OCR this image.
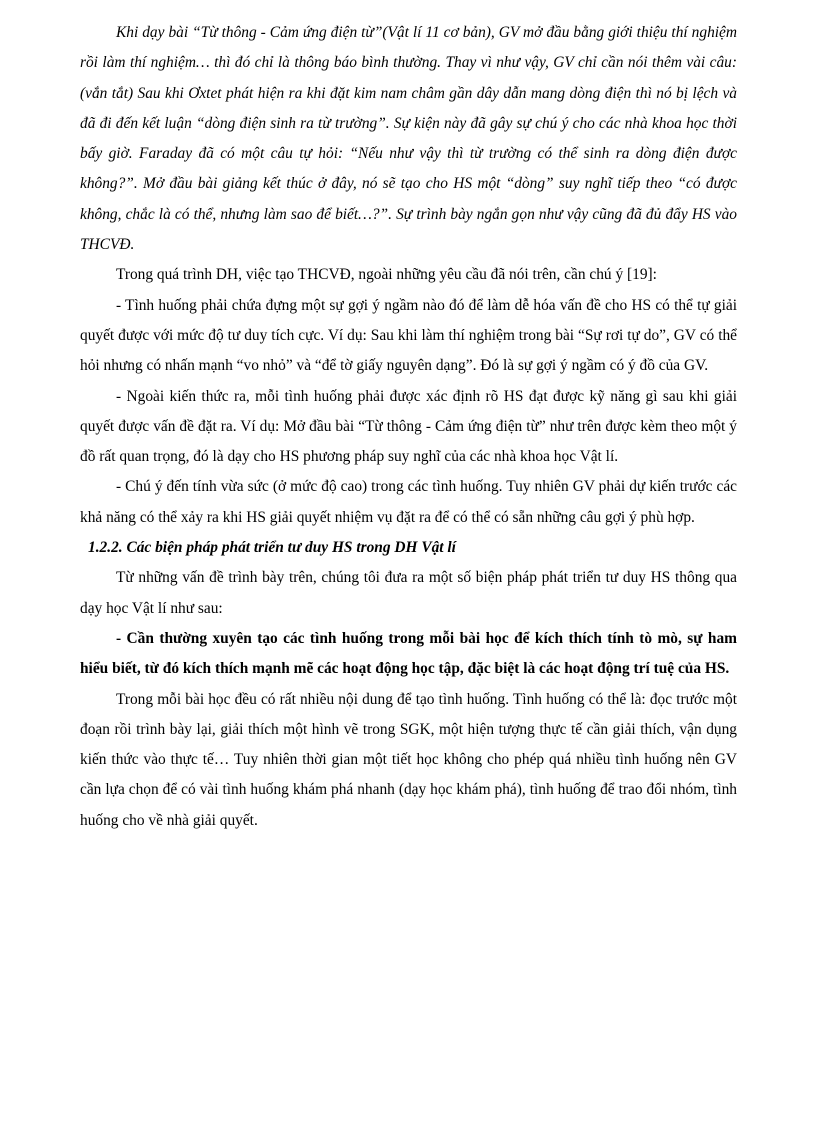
Khi dạy bài “Từ thông - Cảm ứng điện từ”(Vật lí 11 cơ bản), GV mở đầu bằng giới thiệu thí nghiệm rồi làm thí nghiệm… thì đó chỉ là thông báo bình thường. Thay vì như vậy, GV chỉ cần nói thêm vài câu: (vắn tắt) Sau khi Ơxtet phát hiện ra khi đặt kim nam châm gần dây dẫn mang dòng điện thì nó bị lệch và đã đi đến kết luận “dòng điện sinh ra từ trường”. Sự kiện này đã gây sự chú ý cho các nhà khoa học thời bấy giờ. Faraday đã có một câu tự hỏi: “Nếu như vậy thì từ trường có thể sinh ra dòng điện được không?”. Mở đầu bài giảng kết thúc ở đây, nó sẽ tạo cho HS một “dòng” suy nghĩ tiếp theo “có được không, chắc là có thể, nhưng làm sao để biết…?”. Sự trình bày ngắn gọn như vậy cũng đã đủ đẩy HS vào THCVĐ.

Trong quá trình DH, việc tạo THCVĐ, ngoài những yêu cầu đã nói trên, cần chú ý [19]:

- Tình huống phải chứa đựng một sự gợi ý ngầm nào đó để làm dễ hóa vấn đề cho HS có thể tự giải quyết được với mức độ tư duy tích cực. Ví dụ: Sau khi làm thí nghiệm trong bài “Sự rơi tự do”, GV có thể hỏi nhưng có nhấn mạnh “vo nhỏ” và “để tờ giấy nguyên dạng”. Đó là sự gợi ý ngầm có ý đồ của GV.

- Ngoài kiến thức ra, mỗi tình huống phải được xác định rõ HS đạt được kỹ năng gì sau khi giải quyết được vấn đề đặt ra. Ví dụ: Mở đầu bài “Từ thông - Cảm ứng điện từ” như trên được kèm theo một ý đồ rất quan trọng, đó là dạy cho HS phương pháp suy nghĩ của các nhà khoa học Vật lí.

- Chú ý đến tính vừa sức (ở mức độ cao) trong các tình huống. Tuy nhiên GV phải dự kiến trước các khả năng có thể xảy ra khi HS giải quyết nhiệm vụ đặt ra để có thể có sẵn những câu gợi ý phù hợp.

1.2.2. Các biện pháp phát triển tư duy HS trong DH Vật lí

Từ những vấn đề trình bày trên, chúng tôi đưa ra một số biện pháp phát triển tư duy HS thông qua dạy học Vật lí như sau:

- Cần thường xuyên tạo các tình huống trong mỗi bài học để kích thích tính tò mò, sự ham hiểu biết, từ đó kích thích mạnh mẽ các hoạt động học tập, đặc biệt là các hoạt động trí tuệ của HS.

Trong mỗi bài học đều có rất nhiều nội dung để tạo tình huống. Tình huống có thể là: đọc trước một đoạn rồi trình bày lại, giải thích một hình vẽ trong SGK, một hiện tượng thực tế cần giải thích, vận dụng kiến thức vào thực tế… Tuy nhiên thời gian một tiết học không cho phép quá nhiều tình huống nên GV cần lựa chọn để có vài tình huống khám phá nhanh (dạy học khám phá), tình huống để trao đổi nhóm, tình huống cho về nhà giải quyết.
